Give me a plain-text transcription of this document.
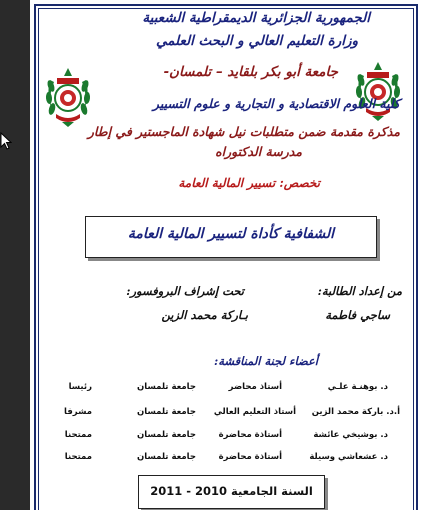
الجمهورية الجزائرية الديمقراطية الشعبية
وزارة التعليم العالي و البحث العلمي
جامعة أبو بكر بلقايد – تلمسان-
كلية العلوم الاقتصادية و التجارية و علوم التسيير
مذكرة مقدمة ضمن متطلبات نيل شهادة الماجستير في إطار
مدرسة الدكتوراه
تخصص: تسيير المالية العامة
الشفافية كأداة لتسيير المالية العامة
من إعداد الطالبة:
تحت إشراف البروفسور:
ساجي فاطمة
بـاركة محمد الزين
أعضاء لجنة المناقشة:
د. بوهنـة علـي
أستاذ محاضر
جامعة تلمسان
رئيسا
أ.د. باركة محمد الزين
أستاذ التعليم العالي
جامعة تلمسان
مشرفا
د. بوشيخي عائشة
أستاذة محاضرة
جامعة تلمسان
ممتحنا
د. عشعاشي وسيلة
أستاذة محاضرة
جامعة تلمسان
ممتحنا
السنة الجامعية 2010 - 2011
